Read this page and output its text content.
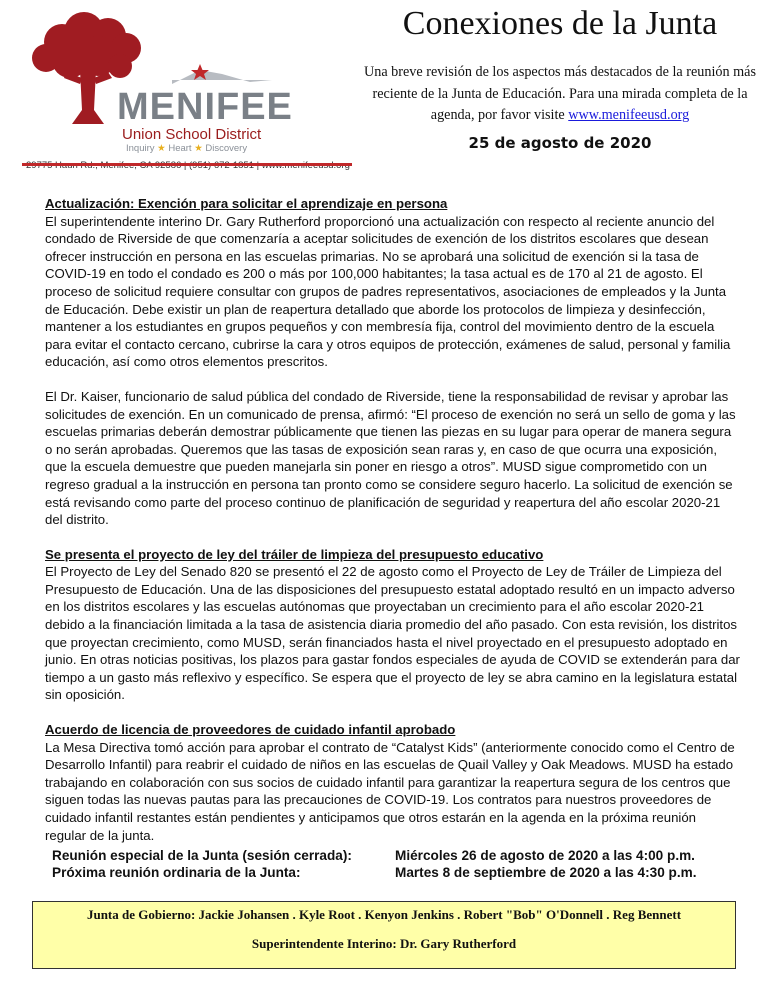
MENIFEE
Union School District
Inquiry ★ Heart ★ Discovery
Conexiones de la Junta

Una breve revisión de los aspectos más destacados de la reunión más reciente de la Junta de Educación. Para una mirada completa de la agenda, por favor visite www.menifeeusd.org

25 de agosto de 2020
Actualización: Exención para solicitar el aprendizaje en persona

El superintendente interino Dr. Gary Rutherford proporcionó una actualización con respecto al reciente anuncio del condado de Riverside de que comenzaría a aceptar solicitudes de exención de los distritos escolares que desean ofrecer instrucción en persona en las escuelas primarias. No se aprobará una solicitud de exención si la tasa de COVID-19 en todo el condado es 200 o más por 100,000 habitantes; la tasa actual es de 170 al 21 de agosto. El proceso de solicitud requiere consultar con grupos de padres representativos, asociaciones de empleados y la Junta de Educación. Debe existir un plan de reapertura detallado que aborde los protocolos de limpieza y desinfección, mantener a los estudiantes en grupos pequeños y con membresía fija, control del movimiento dentro de la escuela para evitar el contacto cercano, cubrirse la cara y otros equipos de protección, exámenes de salud, personal y familia educación, así como otros elementos prescritos.

El Dr. Kaiser, funcionario de salud pública del condado de Riverside, tiene la responsabilidad de revisar y aprobar las solicitudes de exención. En un comunicado de prensa, afirmó: “El proceso de exención no será un sello de goma y las escuelas primarias deberán demostrar públicamente que tienen las piezas en su lugar para operar de manera segura o no serán aprobadas. Queremos que las tasas de exposición sean raras y, en caso de que ocurra una exposición, que la escuela demuestre que pueden manejarla sin poner en riesgo a otros”. MUSD sigue comprometido con un regreso gradual a la instrucción en persona tan pronto como se considere seguro hacerlo. La solicitud de exención se está revisando como parte del proceso continuo de planificación de seguridad y reapertura del año escolar 2020-21 del distrito.

Se presenta el proyecto de ley del tráiler de limpieza del presupuesto educativo

El Proyecto de Ley del Senado 820 se presentó el 22 de agosto como el Proyecto de Ley de Tráiler de Limpieza del Presupuesto de Educación. Una de las disposiciones del presupuesto estatal adoptado resultó en un impacto adverso en los distritos escolares y las escuelas autónomas que proyectaban un crecimiento para el año escolar 2020-21 debido a la financiación limitada a la tasa de asistencia diaria promedio del año pasado. Con esta revisión, los distritos que proyectan crecimiento, como MUSD, serán financiados hasta el nivel proyectado en el presupuesto adoptado en junio. En otras noticias positivas, los plazos para gastar fondos especiales de ayuda de COVID se extenderán para dar tiempo a un gasto más reflexivo y específico. Se espera que el proyecto de ley se abra camino en la legislatura estatal sin oposición.

Acuerdo de licencia de proveedores de cuidado infantil aprobado

La Mesa Directiva tomó acción para aprobar el contrato de “Catalyst Kids” (anteriormente conocido como el Centro de Desarrollo Infantil) para reabrir el cuidado de niños en las escuelas de Quail Valley y Oak Meadows. MUSD ha estado trabajando en colaboración con sus socios de cuidado infantil para garantizar la reapertura segura de los centros que siguen todas las nuevas pautas para las precauciones de COVID-19. Los contratos para nuestros proveedores de cuidado infantil restantes están pendientes y anticipamos que otros estarán en la agenda en la próxima reunión regular de la junta.

Reunión especial de la Junta (sesión cerrada):	Miércoles 26 de agosto de 2020 a las 4:00 p.m.
Próxima reunión ordinaria de la Junta:	Martes 8 de septiembre de 2020 a las 4:30 p.m.
Junta de Gobierno: Jackie Johansen . Kyle Root . Kenyon Jenkins . Robert "Bob" O'Donnell . Reg Bennett
Superintendente Interino: Dr. Gary Rutherford
